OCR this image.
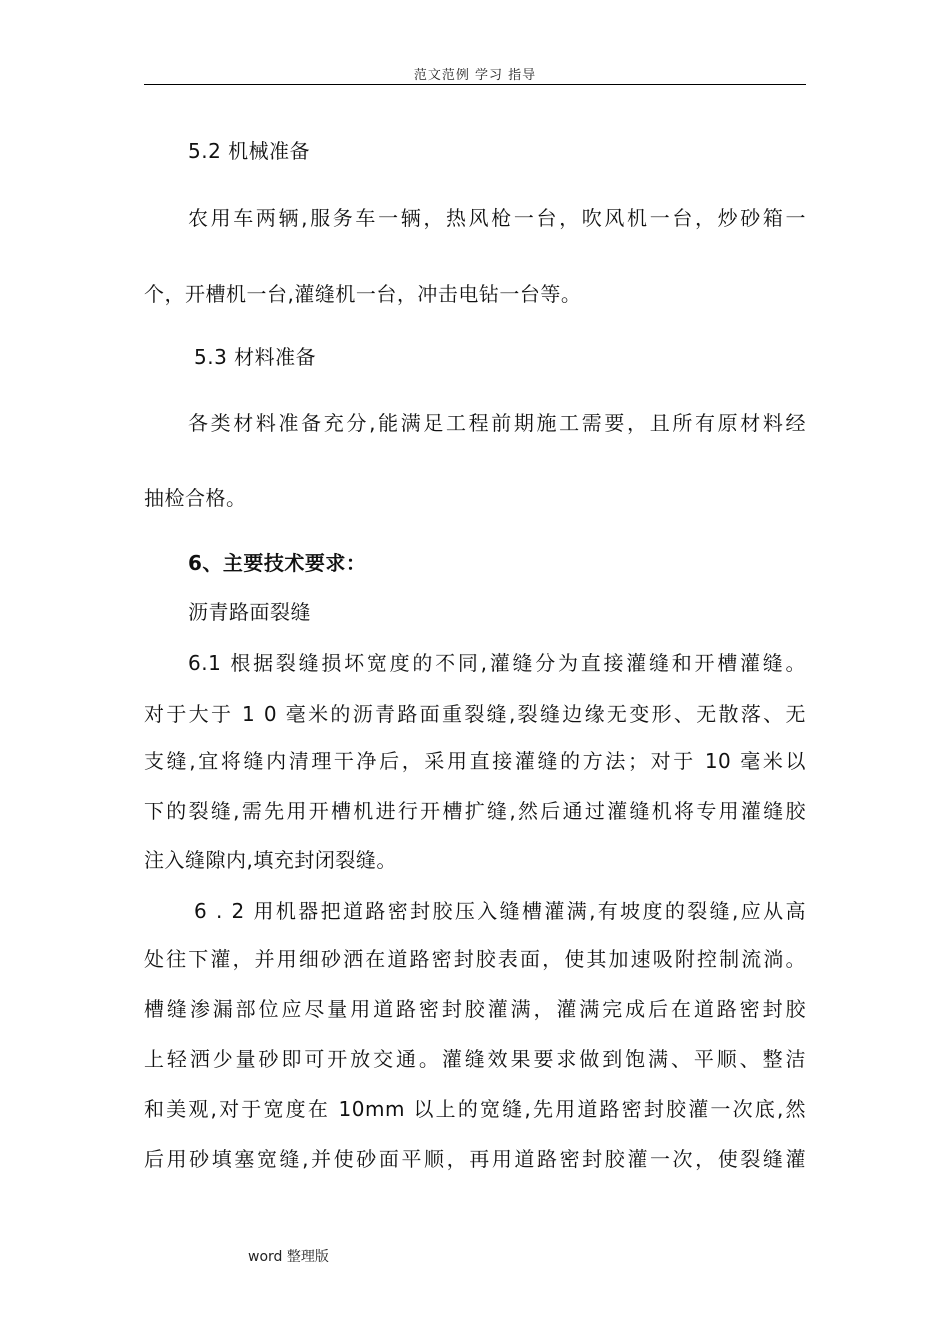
范文范例 学习 指导
5.2 机械准备
农用车两辆,服务车一辆，热风枪一台，吹风机一台，炒砂箱一
个，开槽机一台,灌缝机一台，冲击电钻一台等。
5.3 材料准备
各类材料准备充分,能满足工程前期施工需要，且所有原材料经
抽检合格。
6、主要技术要求：
沥青路面裂缝
6.1 根据裂缝损坏宽度的不同,灌缝分为直接灌缝和开槽灌缝。
对于大于 1 0 毫米的沥青路面重裂缝,裂缝边缘无变形、无散落、无
支缝,宜将缝内清理干净后，采用直接灌缝的方法；对于 10 毫米以
下的裂缝,需先用开槽机进行开槽扩缝,然后通过灌缝机将专用灌缝胶
注入缝隙内,填充封闭裂缝。
6 . 2 用机器把道路密封胶压入缝槽灌满,有坡度的裂缝,应从高
处往下灌，并用细砂洒在道路密封胶表面，使其加速吸附控制流淌。
槽缝渗漏部位应尽量用道路密封胶灌满，灌满完成后在道路密封胶
上轻洒少量砂即可开放交通。灌缝效果要求做到饱满、平顺、整洁
和美观,对于宽度在 10mm 以上的宽缝,先用道路密封胶灌一次底,然
后用砂填塞宽缝,并使砂面平顺，再用道路密封胶灌一次，使裂缝灌
word 整理版
